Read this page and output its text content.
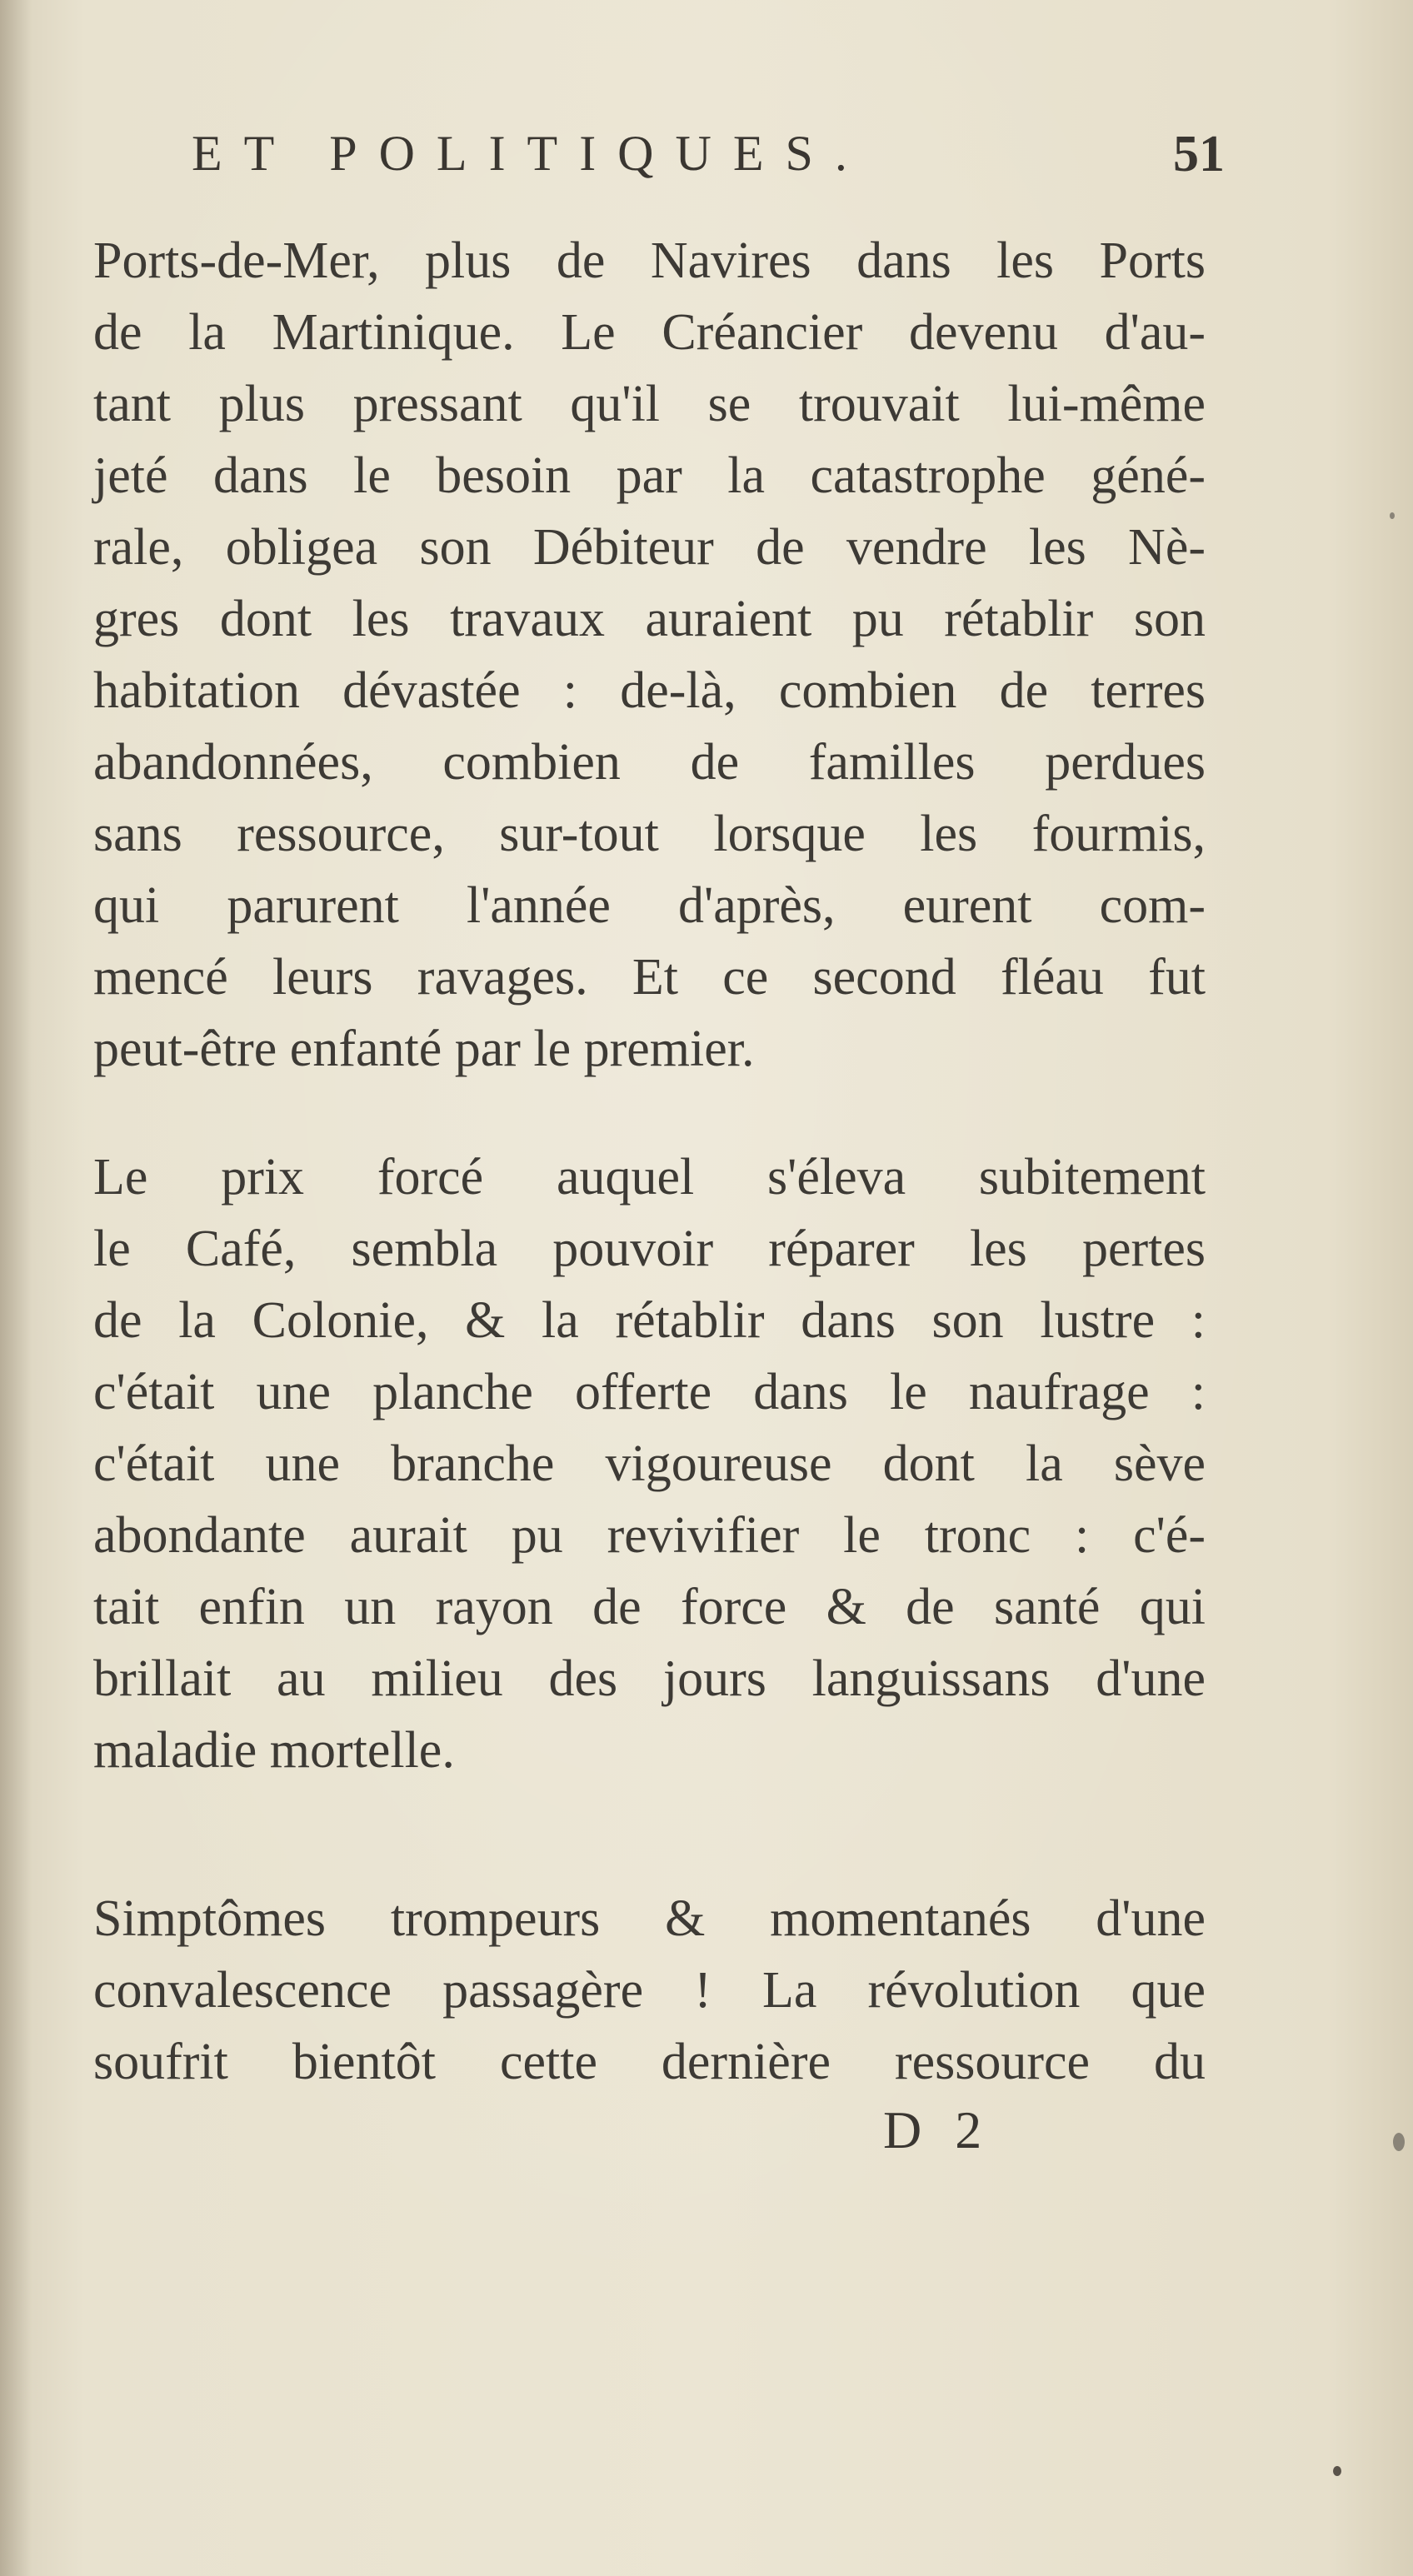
ET POLITIQUES.	51
Ports-de-Mer, plus de Navires dans les Ports
de la Martinique. Le Créancier devenu d'au-
tant plus pressant qu'il se trouvait lui-même
jeté dans le besoin par la catastrophe géné-
rale, obligea son Débiteur de vendre les Nè-
gres dont les travaux auraient pu rétablir son
habitation dévastée : de-là, combien de terres
abandonnées, combien de familles perdues
sans ressource, sur-tout lorsque les fourmis,
qui parurent l'année d'après, eurent com-
mencé leurs ravages. Et ce second fléau fut
peut-être enfanté par le premier.
Le prix forcé auquel s'éleva subitement
le Café, sembla pouvoir réparer les pertes
de la Colonie, & la rétablir dans son lustre :
c'était une planche offerte dans le naufrage :
c'était une branche vigoureuse dont la sève
abondante aurait pu revivifier le tronc : c'é-
tait enfin un rayon de force & de santé qui
brillait au milieu des jours languissans d'une
maladie mortelle.
Simptômes trompeurs & momentanés d'une
convalescence passagère ! La révolution que
soufrit bientôt cette dernière ressource du
D 2
